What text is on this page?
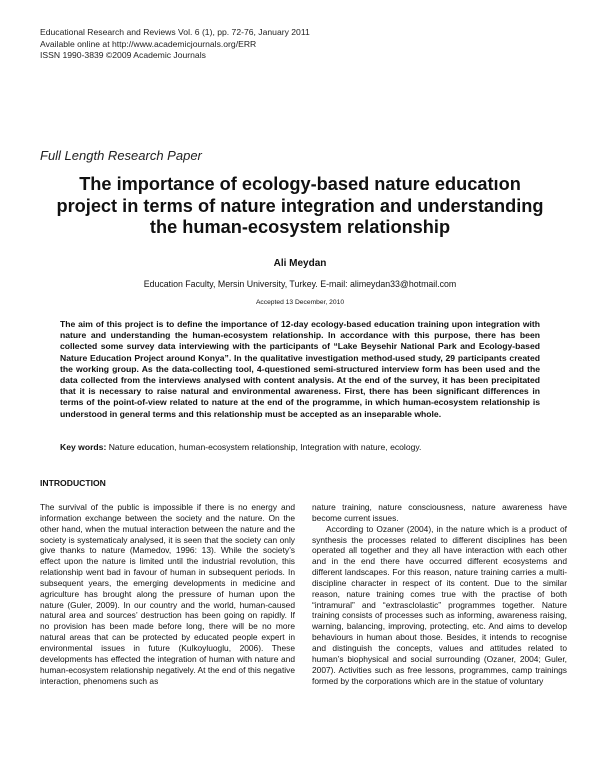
Educational Research and Reviews Vol. 6 (1), pp. 72-76, January 2011
Available online at http://www.academicjournals.org/ERR
ISSN 1990-3839 ©2009 Academic Journals
Full Length Research Paper
The importance of ecology-based nature educatıon project in terms of nature integration and understanding the human-ecosystem relationship
Ali Meydan
Education Faculty, Mersin University, Turkey. E-mail: alimeydan33@hotmail.com
Accepted 13 December, 2010
The aim of this project is to define the importance of 12-day ecology-based education training upon integration with nature and understanding the human-ecosystem relationship. In accordance with this purpose, there has been collected some survey data interviewing with the participants of “Lake Beysehir National Park and Ecology-based Nature Education Project around Konya”. In the qualitative investigation method-used study, 29 participants created the working group. As the data-collecting tool, 4-questioned semi-structured interview form has been used and the data collected from the interviews analysed with content analysis. At the end of the survey, it has been precipitated that it is necessary to raise natural and environmental awareness. First, there has been significant differences in terms of the point-of-view related to nature at the end of the programme, in which human-ecosystem relationship is understood in general terms and this relationship must be accepted as an inseparable whole.
Key words: Nature education, human-ecosystem relationship, Integration with nature, ecology.
INTRODUCTION

The survival of the public is impossible if there is no energy and information exchange between the society and the nature. On the other hand, when the mutual interaction between the nature and the society is systematicaly analysed, it is seen that the society can only give thanks to nature (Mamedov, 1996: 13). While the society’s effect upon the nature is limited until the industrial revolution, this relationship went bad in favour of human in subsequent periods. In subsequent years, the emerging developments in medicine and agriculture has brought along the pressure of human upon the nature (Guler, 2009). In our country and the world, human-caused natural area and sources’ destruction has been going on rapidly. If no provision has been made before long, there will be no more natural areas that can be protected by educated people expert in environmental issues in future (Kulkoyluoglu, 2006). These developments has effected the integration of human with nature and human-ecosystem relationship negatively. At the end of this negative interaction, phenomens such as

nature training, nature consciousness, nature awareness have become current issues.

According to Ozaner (2004), in the nature which is a product of synthesis the processes related to different disciplines has been operated all together and they all have interaction with each other and in the end there have occurred different ecosystems and different landscapes. For this reason, nature training carries a multi-discipline character in respect of its content. Due to the similar reason, nature training comes true with the practise of both “intramural” and “extrasclolastic” programmes together. Nature training consists of processes such as informing, awareness raising, warning, balancing, improving, protecting, etc. And aims to develop behaviours in human about those. Besides, it intends to recognise and distinguish the concepts, values and attitudes related to human’s biophysical and social surrounding (Ozaner, 2004; Guler, 2007). Activities such as free lessons, programmes, camp trainings formed by the corporations which are in the statue of voluntary
